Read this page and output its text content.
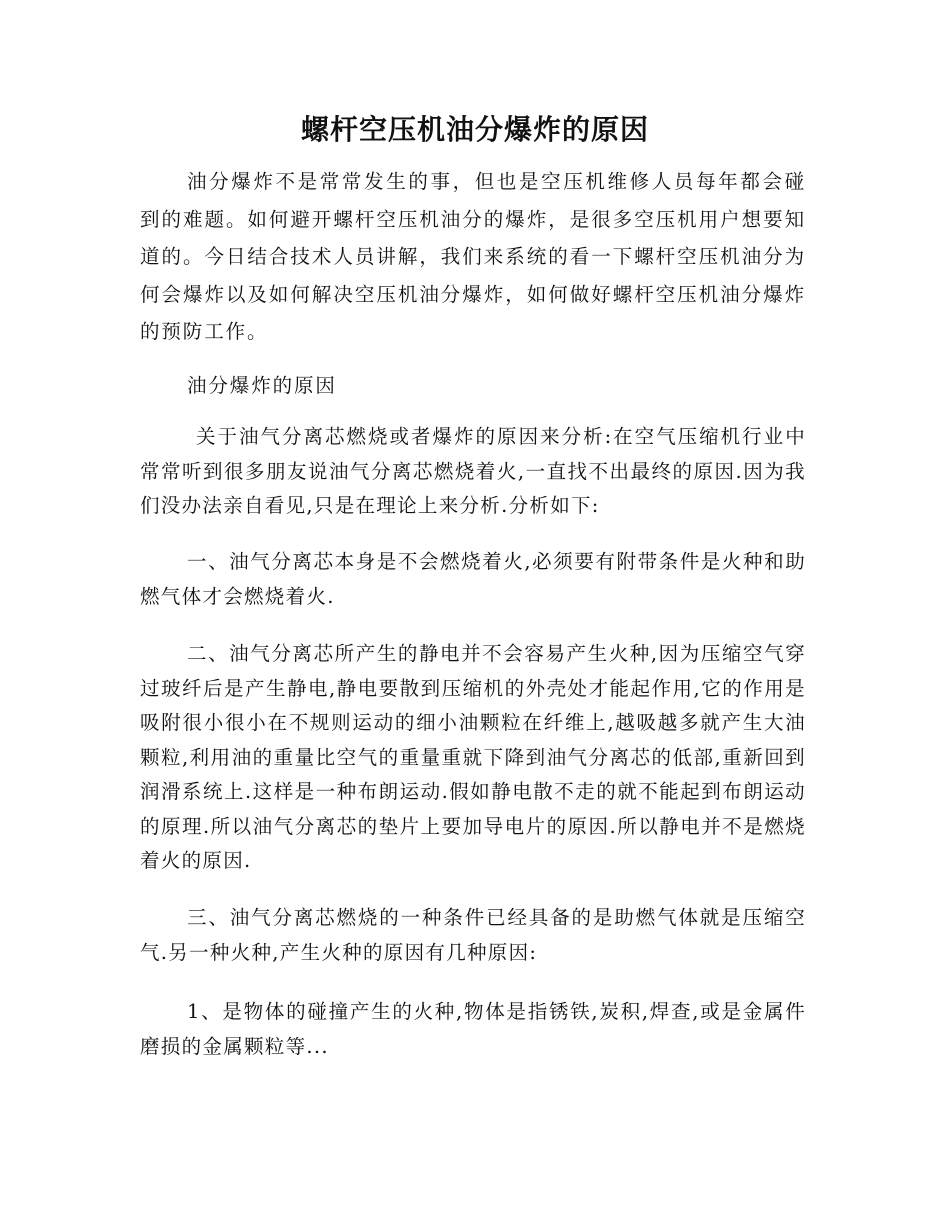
螺杆空压机油分爆炸的原因

油分爆炸不是常常发生的事，但也是空压机维修人员每年都会碰到的难题。如何避开螺杆空压机油分的爆炸，是很多空压机用户想要知道的。今日结合技术人员讲解，我们来系统的看一下螺杆空压机油分为何会爆炸以及如何解决空压机油分爆炸，如何做好螺杆空压机油分爆炸的预防工作。

油分爆炸的原因

关于油气分离芯燃烧或者爆炸的原因来分析:在空气压缩机行业中常常听到很多朋友说油气分离芯燃烧着火,一直找不出最终的原因.因为我们没办法亲自看见,只是在理论上来分析.分析如下:

一、油气分离芯本身是不会燃烧着火,必须要有附带条件是火种和助燃气体才会燃烧着火.

二、油气分离芯所产生的静电并不会容易产生火种,因为压缩空气穿过玻纤后是产生静电,静电要散到压缩机的外壳处才能起作用,它的作用是吸附很小很小在不规则运动的细小油颗粒在纤维上,越吸越多就产生大油颗粒,利用油的重量比空气的重量重就下降到油气分离芯的低部,重新回到润滑系统上.这样是一种布朗运动.假如静电散不走的就不能起到布朗运动的原理.所以油气分离芯的垫片上要加导电片的原因.所以静电并不是燃烧着火的原因.

三、油气分离芯燃烧的一种条件已经具备的是助燃气体就是压缩空气.另一种火种,产生火种的原因有几种原因:

1、是物体的碰撞产生的火种,物体是指锈铁,炭积,焊查,或是金属件磨损的金属颗粒等...
